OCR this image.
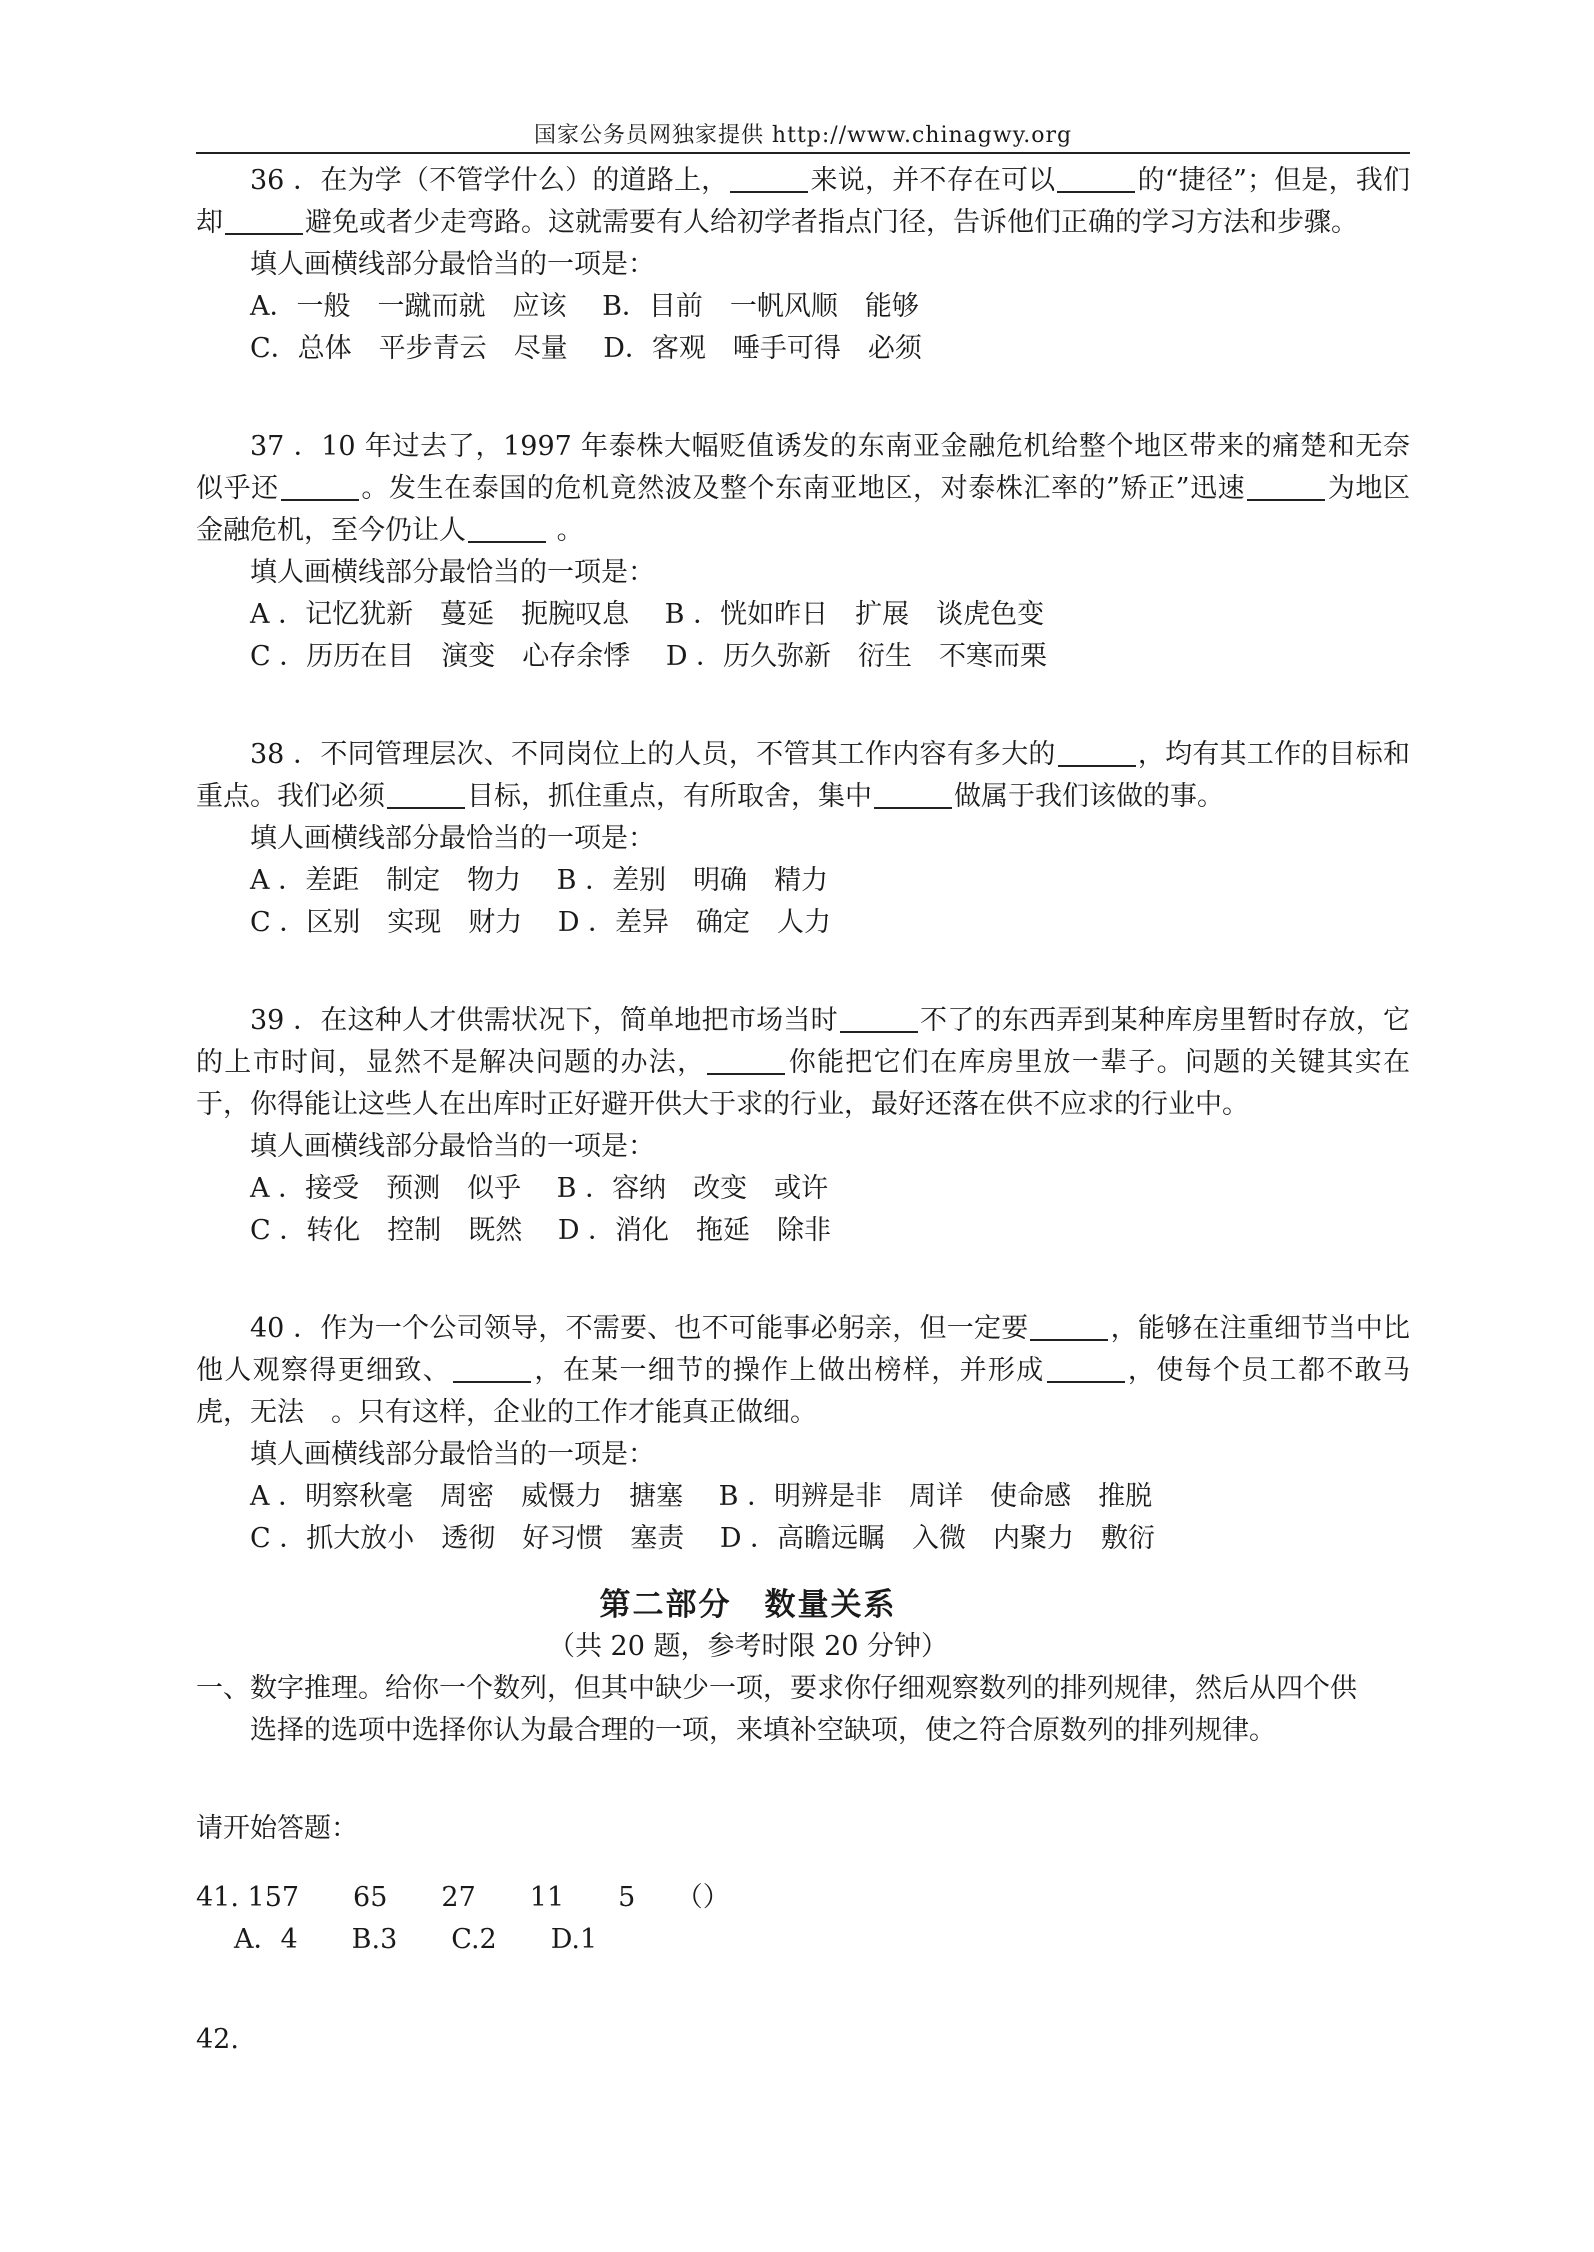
国家公务员网独家提供 http://www.chinagwy.org

36 ．在为学（不管学什么）的道路上，	来说，并不存在可以	的“捷径”；但是，我们却	避免或者少走弯路。这就需要有人给初学者指点门径，告诉他们正确的学习方法和步骤。

填人画横线部分最恰当的一项是：

A．一般　一蹴而就　应该　 B．目前　一帆风顺　能够

C．总体　平步青云　尽量　 D．客观　唾手可得　必须

37 ．10 年过去了，1997 年泰株大幅贬值诱发的东南亚金融危机给整个地区带来的痛楚和无奈似乎还	。发生在泰国的危机竟然波及整个东南亚地区，对泰株汇率的”矫正”迅速	为地区金融危机，至今仍让人	。

填人画横线部分最恰当的一项是：

A ．记忆犹新　蔓延　扼腕叹息　 B ．恍如昨日　扩展　谈虎色变

C ．历历在目　演变　心存余悸　 D ．历久弥新　衍生　不寒而栗

38 ．不同管理层次、不同岗位上的人员，不管其工作内容有多大的	，均有其工作的目标和重点。我们必须	目标，抓住重点，有所取舍，集中	做属于我们该做的事。

填人画横线部分最恰当的一项是：

A ．差距　制定　物力　 B ．差别　明确　精力

C ．区别　实现　财力　 D ．差异　确定　人力

39 ．在这种人才供需状况下，简单地把市场当时	不了的东西弄到某种库房里暂时存放，它的上市时间，显然不是解决问题的办法，	你能把它们在库房里放一辈子。问题的关键其实在于，你得能让这些人在出库时正好避开供大于求的行业，最好还落在供不应求的行业中。

填人画横线部分最恰当的一项是：

A ．接受　预测　似乎　 B ．容纳　改变　或许

C ．转化　控制　既然　 D ．消化　拖延　除非

40 ．作为一个公司领导，不需要、也不可能事必躬亲，但一定要	，能够在注重细节当中比他人观察得更细致、	，在某一细节的操作上做出榜样，并形成	，使每个员工都不敢马虎，无法　。只有这样，企业的工作才能真正做细。

填人画横线部分最恰当的一项是：

A ．明察秋毫　周密　威慑力　搪塞　 B ．明辨是非　周详　使命感　推脱

C ．抓大放小　透彻　好习惯　塞责　 D ．高瞻远瞩　入微　内聚力　敷衍

第二部分　数量关系

（共 20 题，参考时限 20 分钟）

一、数字推理。给你一个数列，但其中缺少一项，要求你仔细观察数列的排列规律，然后从四个供

选择的选项中选择你认为最合理的一项，来填补空缺项，使之符合原数列的排列规律。

请开始答题：

41. 157　　65　　27　　11　　5　　（）

A．4　　B.3　　C.2　　D.1

42.
